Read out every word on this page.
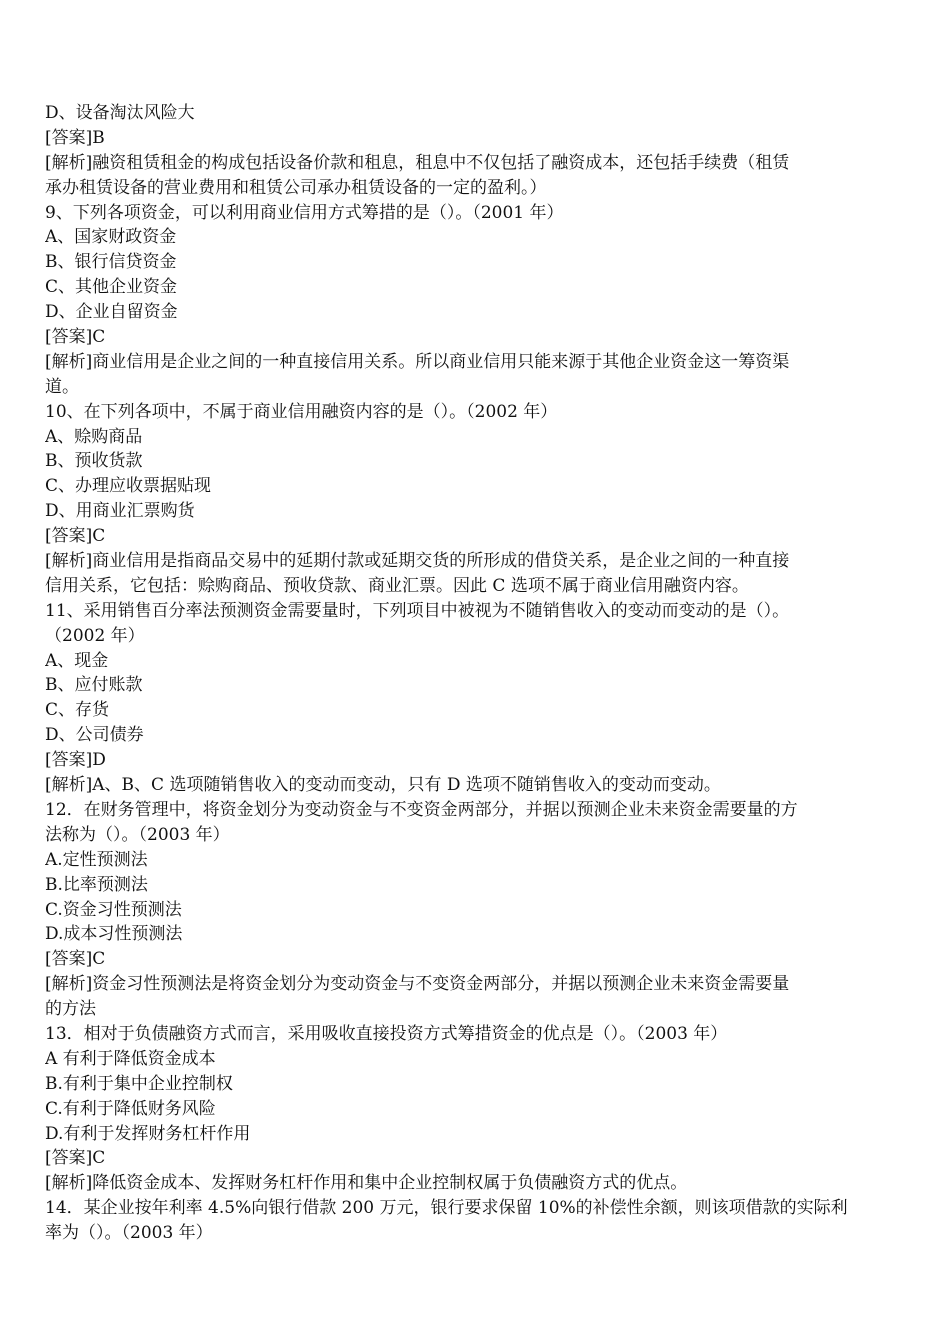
D、设备淘汰风险大
[答案]B
[解析]融资租赁租金的构成包括设备价款和租息，租息中不仅包括了融资成本，还包括手续费（租赁
承办租赁设备的营业费用和租赁公司承办租赁设备的一定的盈利。）
9、下列各项资金，可以利用商业信用方式筹措的是（）。（2001 年）
A、国家财政资金
B、银行信贷资金
C、其他企业资金
D、企业自留资金
[答案]C
[解析]商业信用是企业之间的一种直接信用关系。所以商业信用只能来源于其他企业资金这一筹资渠
道。
10、在下列各项中，不属于商业信用融资内容的是（）。（2002 年）
A、赊购商品
B、预收货款
C、办理应收票据贴现
D、用商业汇票购货
[答案]C
[解析]商业信用是指商品交易中的延期付款或延期交货的所形成的借贷关系，是企业之间的一种直接
信用关系，它包括：赊购商品、预收贷款、商业汇票。因此 C 选项不属于商业信用融资内容。
11、采用销售百分率法预测资金需要量时，下列项目中被视为不随销售收入的变动而变动的是（）。
（2002 年）
A、现金
B、应付账款
C、存货
D、公司债券
[答案]D
[解析]A、B、C 选项随销售收入的变动而变动，只有 D 选项不随销售收入的变动而变动。
12．在财务管理中，将资金划分为变动资金与不变资金两部分，并据以预测企业未来资金需要量的方
法称为（）。（2003 年）
A.定性预测法
B.比率预测法
C.资金习性预测法
D.成本习性预测法
[答案]C
[解析]资金习性预测法是将资金划分为变动资金与不变资金两部分，并据以预测企业未来资金需要量
的方法
13．相对于负债融资方式而言，采用吸收直接投资方式筹措资金的优点是（）。（2003 年）
A 有利于降低资金成本
B.有利于集中企业控制权
C.有利于降低财务风险
D.有利于发挥财务杠杆作用
[答案]C
[解析]降低资金成本、发挥财务杠杆作用和集中企业控制权属于负债融资方式的优点。
14．某企业按年利率 4.5%向银行借款 200 万元，银行要求保留 10%的补偿性余额，则该项借款的实际利
率为（）。（2003 年）
